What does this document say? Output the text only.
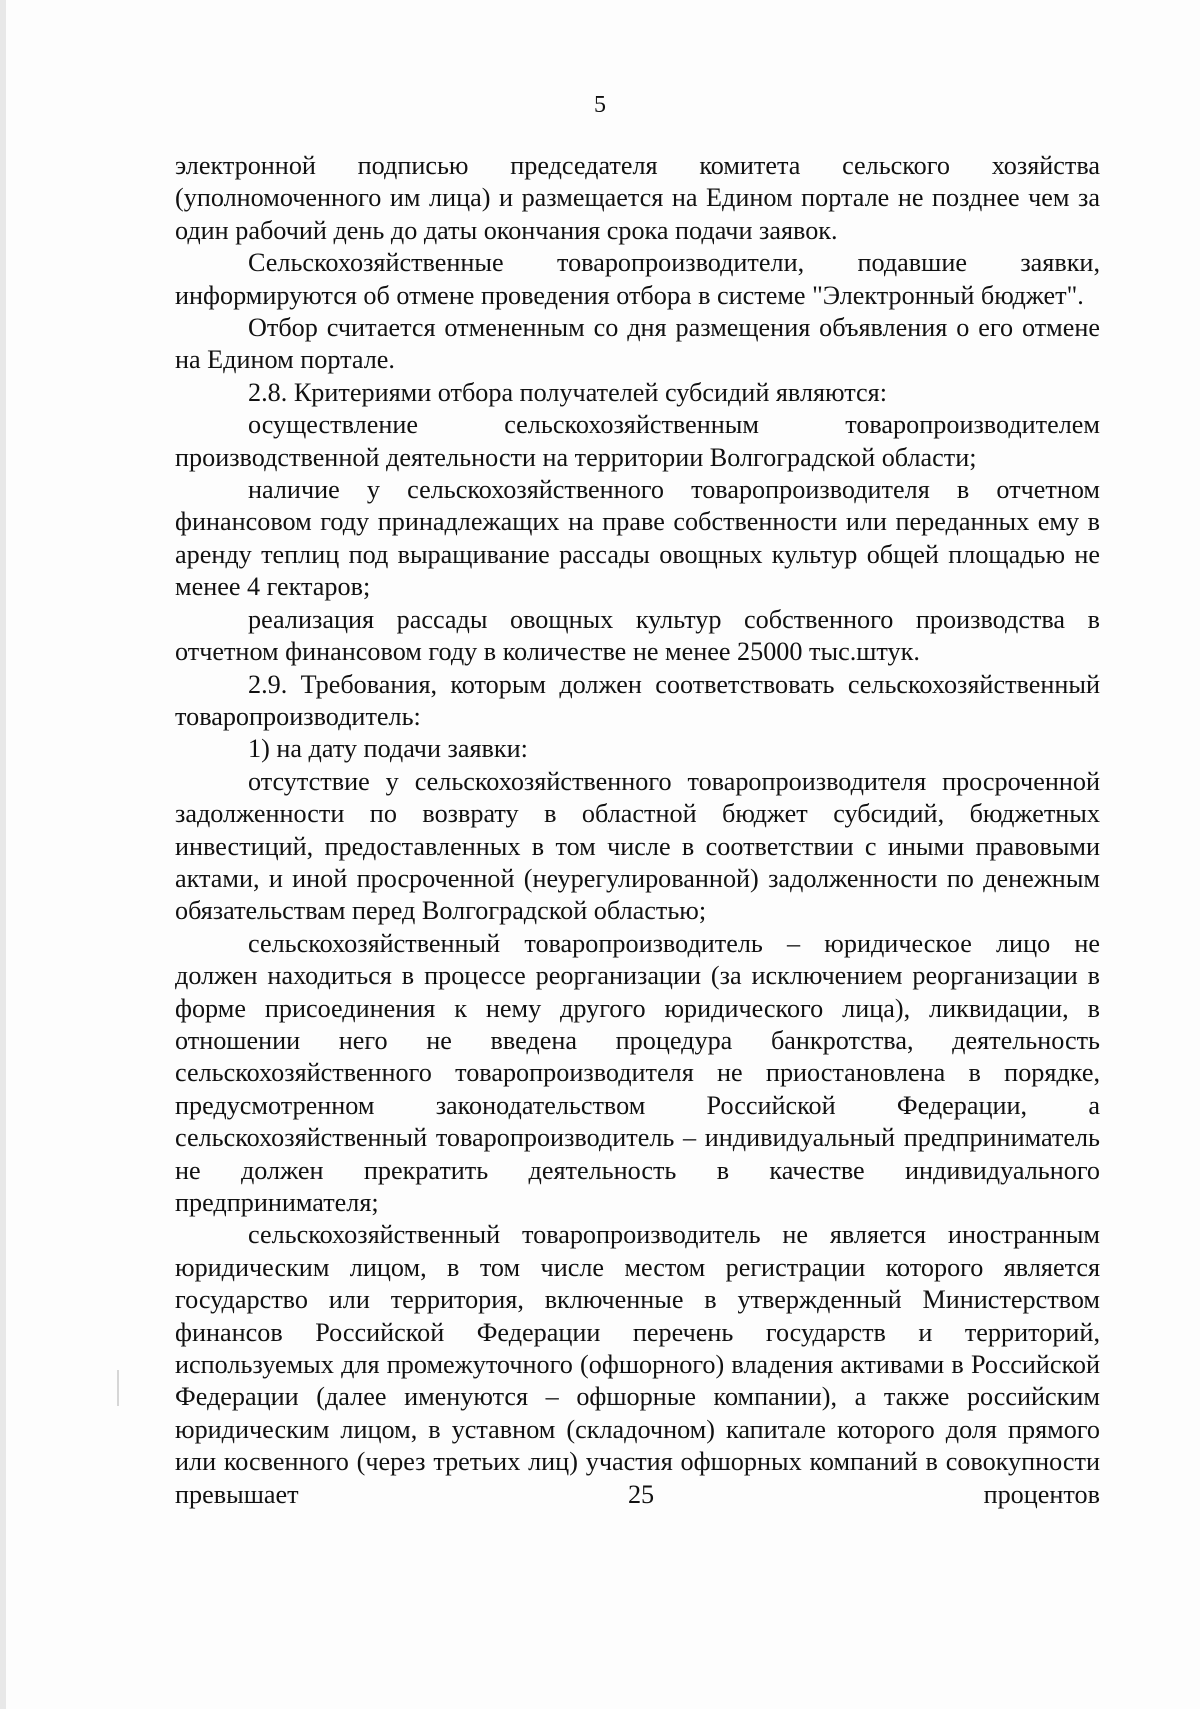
5

электронной подписью председателя комитета сельского хозяйства (уполномоченного им лица) и размещается на Едином портале не позднее чем за один рабочий день до даты окончания срока подачи заявок.

Сельскохозяйственные товаропроизводители, подавшие заявки, информируются об отмене проведения отбора в системе "Электронный бюджет".

Отбор считается отмененным со дня размещения объявления о его отмене на Едином портале.

2.8. Критериями отбора получателей субсидий являются:

осуществление сельскохозяйственным товаропроизводителем производственной деятельности на территории Волгоградской области;

наличие у сельскохозяйственного товаропроизводителя в отчетном финансовом году принадлежащих на праве собственности или переданных ему в аренду теплиц под выращивание рассады овощных культур общей площадью не менее 4 гектаров;

реализация рассады овощных культур собственного производства в отчетном финансовом году в количестве не менее 25000 тыс.штук.

2.9. Требования, которым должен соответствовать сельскохозяйственный товаропроизводитель:

1) на дату подачи заявки:

отсутствие у сельскохозяйственного товаропроизводителя просроченной задолженности по возврату в областной бюджет субсидий, бюджетных инвестиций, предоставленных в том числе в соответствии с иными правовыми актами, и иной просроченной (неурегулированной) задолженности по денежным обязательствам перед Волгоградской областью;

сельскохозяйственный товаропроизводитель – юридическое лицо не должен находиться в процессе реорганизации (за исключением реорганизации в форме присоединения к нему другого юридического лица), ликвидации, в отношении него не введена процедура банкротства, деятельность сельскохозяйственного товаропроизводителя не приостановлена в порядке, предусмотренном законодательством Российской Федерации, а сельскохозяйственный товаропроизводитель – индивидуальный предприниматель не должен прекратить деятельность в качестве индивидуального предпринимателя;

сельскохозяйственный товаропроизводитель не является иностранным юридическим лицом, в том числе местом регистрации которого является государство или территория, включенные в утвержденный Министерством финансов Российской Федерации перечень государств и территорий, используемых для промежуточного (офшорного) владения активами в Российской Федерации (далее именуются – офшорные компании), а также российским юридическим лицом, в уставном (складочном) капитале которого доля прямого или косвенного (через третьих лиц) участия офшорных компаний в совокупности превышает 25 процентов
